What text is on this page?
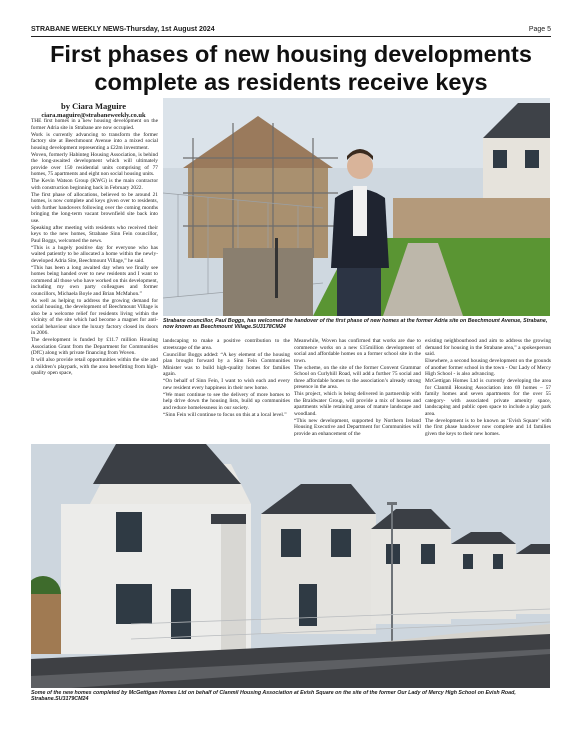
STRABANE WEEKLY NEWS-Thursday, 1st August 2024	Page 5
First phases of new housing developments
complete as residents receive keys
by Ciara Maguire
ciara.maguire@strabaneweekly.co.uk

THE first homes in a new housing development on the former Adria site in Strabane are now occupied.

Work is currently advancing to transform the former factory site at Beechmount Avenue into a mixed social housing development representing a £22m investment.

Woven, formerly Habinteg Housing Association, is behind the long-awaited development which will ultimately provide over 150 residential units comprising of 77 homes, 75 apartments and eight non social housing units.

The Kevin Watson Group (KWG) is the main contractor with construction beginning back in February 2022.

The first phase of allocations, believed to be around 21 homes, is now complete and keys given over to residents, with further handovers following over the coming months bringing the long-term vacant brownfield site back into use.

Speaking after meeting with residents who received their keys to the new homes, Strabane Sinn Fein councillor, Paul Boggs, welcomed the news.

“This is a hugely positive day for everyone who has waited patiently to be allocated a home within the newly-developed Adria Site, Beechmount Village,” he said.

“This has been a long awaited day when we finally see homes being handed over to new residents and I want to commend all those who have worked on this development, including my own party colleagues and former councillors, Michaela Boyle and Brian McMahon.”

As well as helping to address the growing demand for social housing, the development of Beechmount Village is also be a welcome relief for residents living within the vicinity of the site which had become a magnet for anti-social behaviour since the luxury factory closed its doors in 2006.

The development is funded by £11.7 million Housing Association Grant from the Department for Communities (DfC) along with private financing from Woven.

It will also provide retail opportunities within the site and a children’s playpark, with the area benefitting from high-quality open space,

Strabane councillor, Paul Boggs, has welcomed the handover of the first phase of new homes at the former Adria site on Beechmount Avenue, Strabane, now known as Beechmount Village.SU3178CM24

landscaping to make a positive contribution to the streetscape of the area.

Councillor Boggs added: “A key element of the housing plan brought forward by a Sinn Fein Communities Minister was to build high-quality homes for families again.

“On behalf of Sinn Fein, I want to wish each and every new resident every happiness in their new home.

“We must continue to see the delivery of more homes to help drive down the housing lists, build up communities and reduce homelessness in our society.

“Sinn Fein will continue to focus on this at a local level.”

Meanwhile, Woven has confirmed that works are due to commence works on a new £15million development of social and affordable homes on a former school site in the town.

The scheme, on the site of the former Convent Grammar School on Curlyhill Road, will add a further 75 social and three affordable homes to the association’s already strong presence in the area.

This project, which is being delivered in partnership with the Braidwater Group, will provide a mix of houses and apartments while retaining areas of mature landscape and woodland.

“This new development, supported by Northern Ireland Housing Executive and Department for Communities will provide an enhancement of the

existing neighbourhood and aim to address the growing demand for housing in the Strabane area,” a spokesperson said.

Elsewhere, a second housing development on the grounds of another former school in the town - Our Lady of Mercy High School - is also advancing.

McGettigan Homes Ltd is currently developing the area for Clanmil Housing Association into 69 homes – 57 family homes and seven apartments for the over 55 category- with associated private amenity space, landscaping and public open space to include a play park area.

The development is to be known as ‘Evish Square’ with the first phase handover now complete and 14 families given the keys to their new homes.

Some of the new homes completed by McGettigan Homes Ltd on behalf of Clanmil Housing Association at Evish Square on the site of the former Our Lady of Mercy High School on Evish Road, Strabane.SU3179CM24
